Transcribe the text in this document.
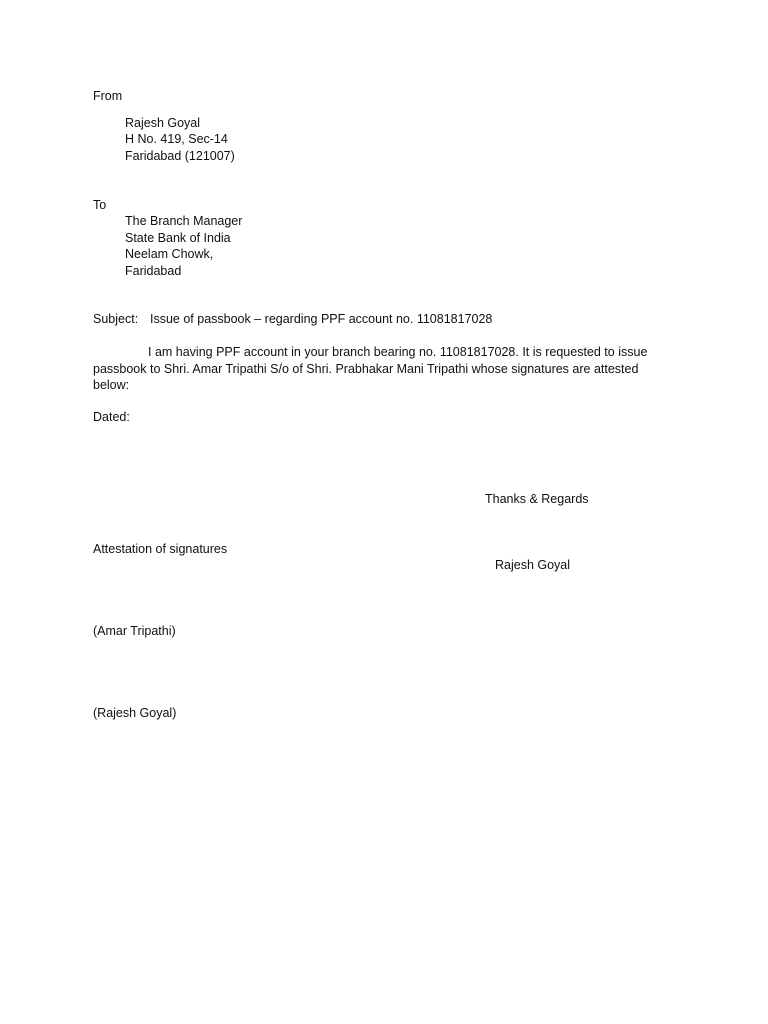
From
Rajesh Goyal
H No. 419, Sec-14
Faridabad (121007)
To
The Branch Manager
State Bank of India
Neelam Chowk,
Faridabad
Subject: Issue of passbook – regarding PPF account no. 11081817028
I am having PPF account in your branch bearing no. 11081817028. It is requested to issue passbook to Shri. Amar Tripathi S/o of Shri. Prabhakar Mani Tripathi whose signatures are attested below:
Dated:
Thanks & Regards
Attestation of signatures
Rajesh Goyal
(Amar Tripathi)
(Rajesh Goyal)
